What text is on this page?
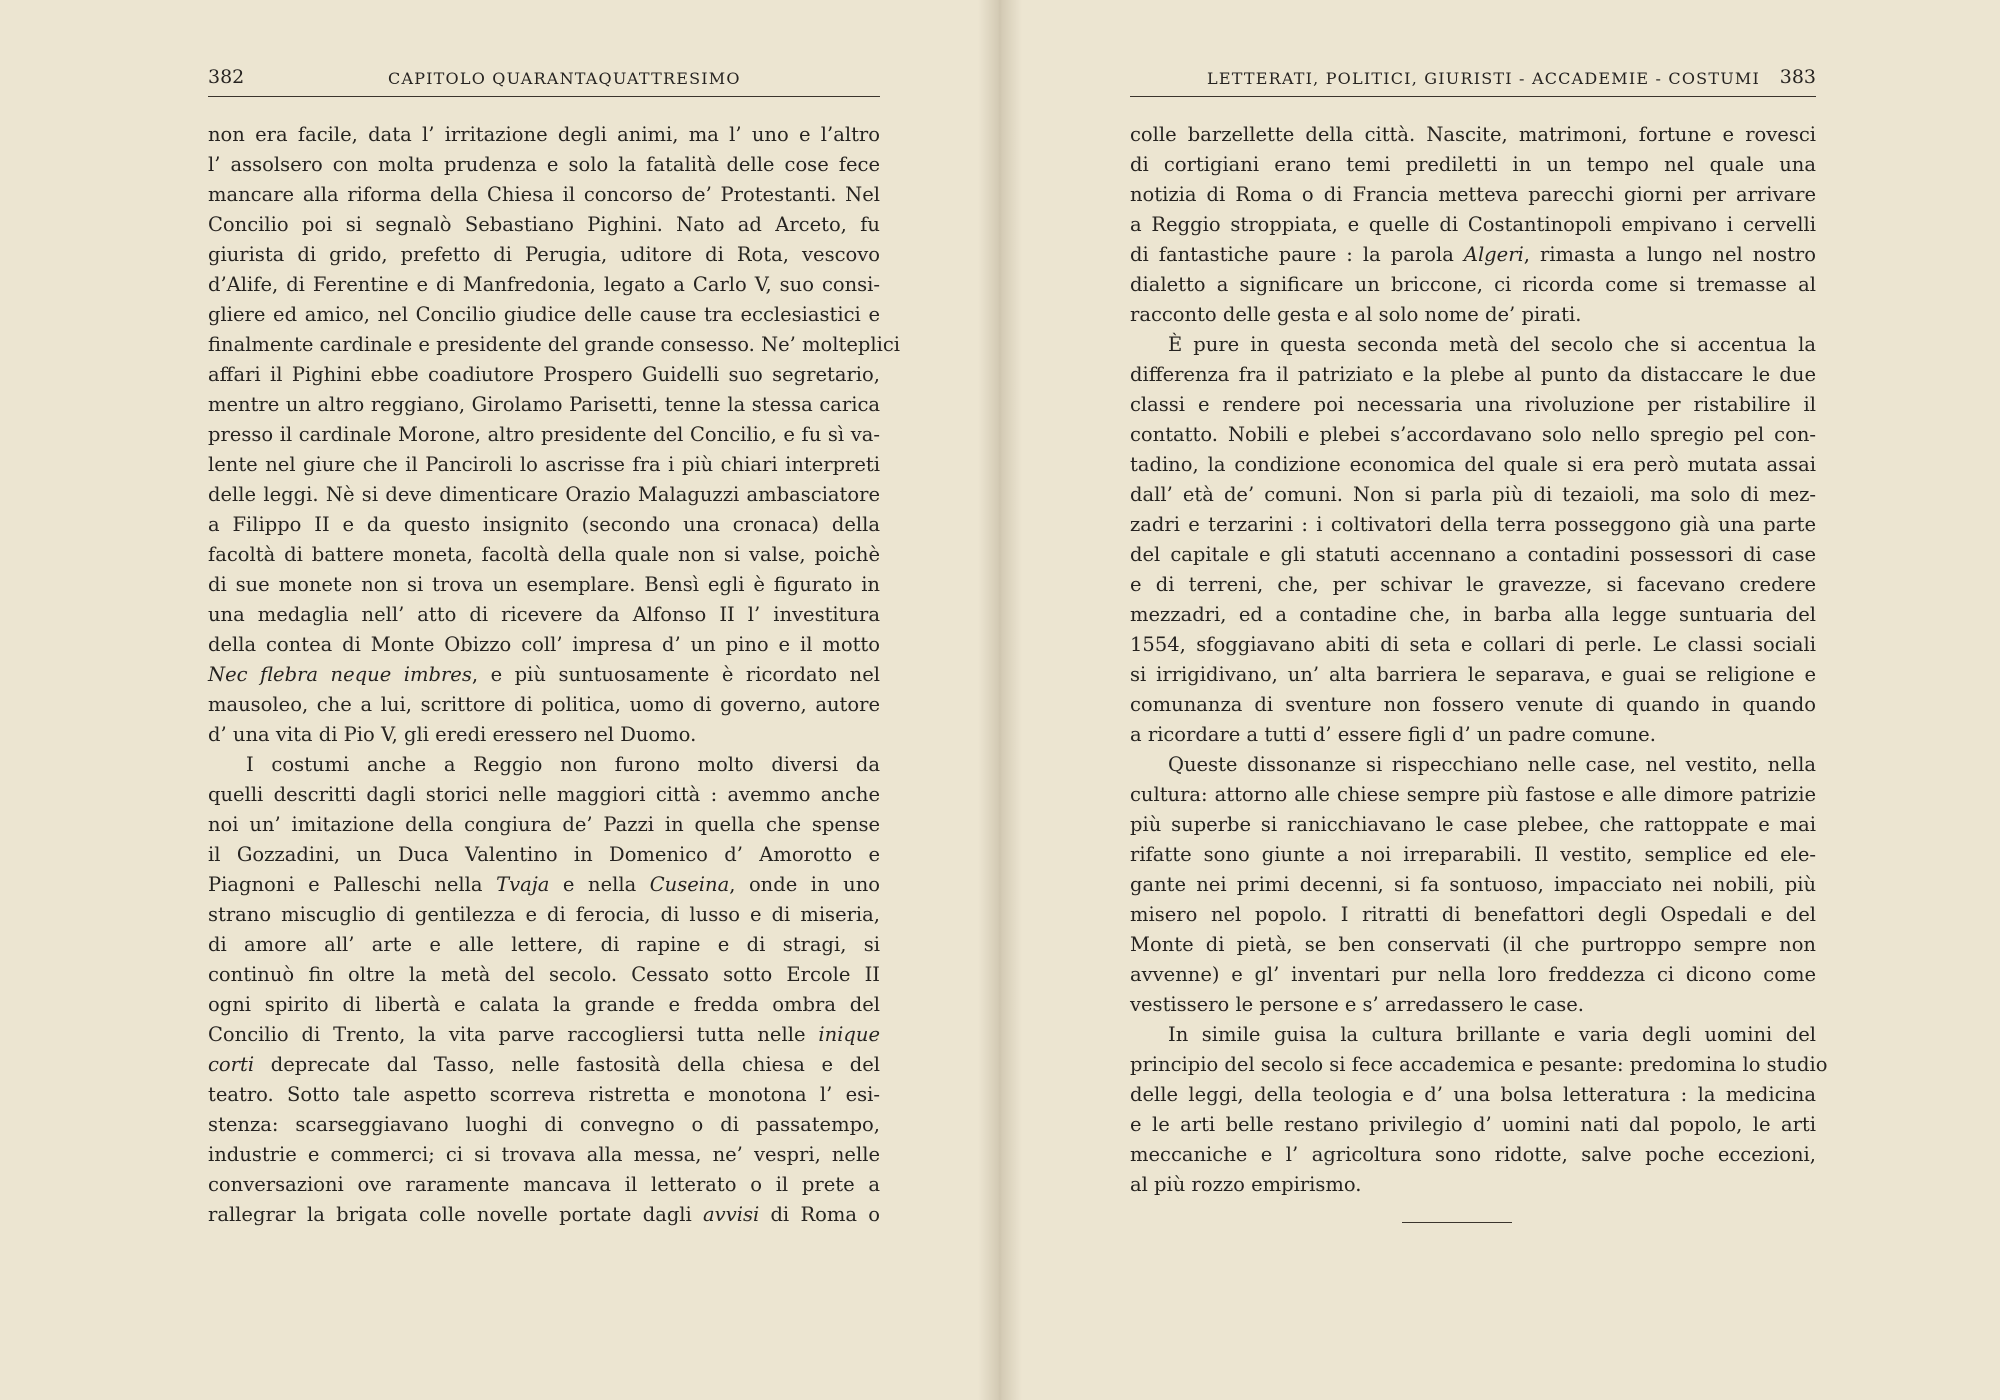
382	CAPITOLO QUARANTAQUATTRESIMO
non era facile, data l’ irritazione degli animi, ma l’ uno e l’altro
l’ assolsero con molta prudenza e solo la fatalità delle cose fece
mancare alla riforma della Chiesa il concorso de’ Protestanti. Nel
Concilio poi si segnalò Sebastiano Pighini. Nato ad Arceto, fu
giurista di grido, prefetto di Perugia, uditore di Rota, vescovo
d’Alife, di Ferentine e di Manfredonia, legato a Carlo V, suo consi-
gliere ed amico, nel Concilio giudice delle cause tra ecclesiastici e
finalmente cardinale e presidente del grande consesso. Ne’ molteplici
affari il Pighini ebbe coadiutore Prospero Guidelli suo segretario,
mentre un altro reggiano, Girolamo Parisetti, tenne la stessa carica
presso il cardinale Morone, altro presidente del Concilio, e fu sì va-
lente nel giure che il Panciroli lo ascrisse fra i più chiari interpreti
delle leggi. Nè si deve dimenticare Orazio Malaguzzi ambasciatore
a Filippo II e da questo insignito (secondo una cronaca) della
facoltà di battere moneta, facoltà della quale non si valse, poichè
di sue monete non si trova un esemplare. Bensì egli è figurato in
una medaglia nell’ atto di ricevere da Alfonso II l’ investitura
della contea di Monte Obizzo coll’ impresa d’ un pino e il motto
Nec flebra neque imbres, e più suntuosamente è ricordato nel
mausoleo, che a lui, scrittore di politica, uomo di governo, autore
d’ una vita di Pio V, gli eredi eressero nel Duomo.
I costumi anche a Reggio non furono molto diversi da
quelli descritti dagli storici nelle maggiori città : avemmo anche
noi un’ imitazione della congiura de’ Pazzi in quella che spense
il Gozzadini, un Duca Valentino in Domenico d’ Amorotto e
Piagnoni e Palleschi nella Tvaja e nella Cuseina, onde in uno
strano miscuglio di gentilezza e di ferocia, di lusso e di miseria,
di amore all’ arte e alle lettere, di rapine e di stragi, si
continuò fin oltre la metà del secolo. Cessato sotto Ercole II
ogni spirito di libertà e calata la grande e fredda ombra del
Concilio di Trento, la vita parve raccogliersi tutta nelle inique
corti deprecate dal Tasso, nelle fastosità della chiesa e del
teatro. Sotto tale aspetto scorreva ristretta e monotona l’ esi-
stenza: scarseggiavano luoghi di convegno o di passatempo,
industrie e commerci; ci si trovava alla messa, ne’ vespri, nelle
conversazioni ove raramente mancava il letterato o il prete a
rallegrar la brigata colle novelle portate dagli avvisi di Roma o
LETTERATI, POLITICI, GIURISTI - ACCADEMIE - COSTUMI 383
colle barzellette della città. Nascite, matrimoni, fortune e rovesci
di cortigiani erano temi prediletti in un tempo nel quale una
notizia di Roma o di Francia metteva parecchi giorni per arrivare
a Reggio stroppiata, e quelle di Costantinopoli empivano i cervelli
di fantastiche paure : la parola Algeri, rimasta a lungo nel nostro
dialetto a significare un briccone, ci ricorda come si tremasse al
racconto delle gesta e al solo nome de’ pirati.
È pure in questa seconda metà del secolo che si accentua la
differenza fra il patriziato e la plebe al punto da distaccare le due
classi e rendere poi necessaria una rivoluzione per ristabilire il
contatto. Nobili e plebei s’accordavano solo nello spregio pel con-
tadino, la condizione economica del quale si era però mutata assai
dall’ età de’ comuni. Non si parla più di tezaioli, ma solo di mez-
zadri e terzarini : i coltivatori della terra posseggono già una parte
del capitale e gli statuti accennano a contadini possessori di case
e di terreni, che, per schivar le gravezze, si facevano credere
mezzadri, ed a contadine che, in barba alla legge suntuaria del
1554, sfoggiavano abiti di seta e collari di perle. Le classi sociali
si irrigidivano, un’ alta barriera le separava, e guai se religione e
comunanza di sventure non fossero venute di quando in quando
a ricordare a tutti d’ essere figli d’ un padre comune.
Queste dissonanze si rispecchiano nelle case, nel vestito, nella
cultura: attorno alle chiese sempre più fastose e alle dimore patrizie
più superbe si ranicchiavano le case plebee, che rattoppate e mai
rifatte sono giunte a noi irreparabili. Il vestito, semplice ed ele-
gante nei primi decenni, si fa sontuoso, impacciato nei nobili, più
misero nel popolo. I ritratti di benefattori degli Ospedali e del
Monte di pietà, se ben conservati (il che purtroppo sempre non
avvenne) e gl’ inventari pur nella loro freddezza ci dicono come
vestissero le persone e s’ arredassero le case.
In simile guisa la cultura brillante e varia degli uomini del
principio del secolo si fece accademica e pesante: predomina lo studio
delle leggi, della teologia e d’ una bolsa letteratura : la medicina
e le arti belle restano privilegio d’ uomini nati dal popolo, le arti
meccaniche e l’ agricoltura sono ridotte, salve poche eccezioni,
al più rozzo empirismo.
